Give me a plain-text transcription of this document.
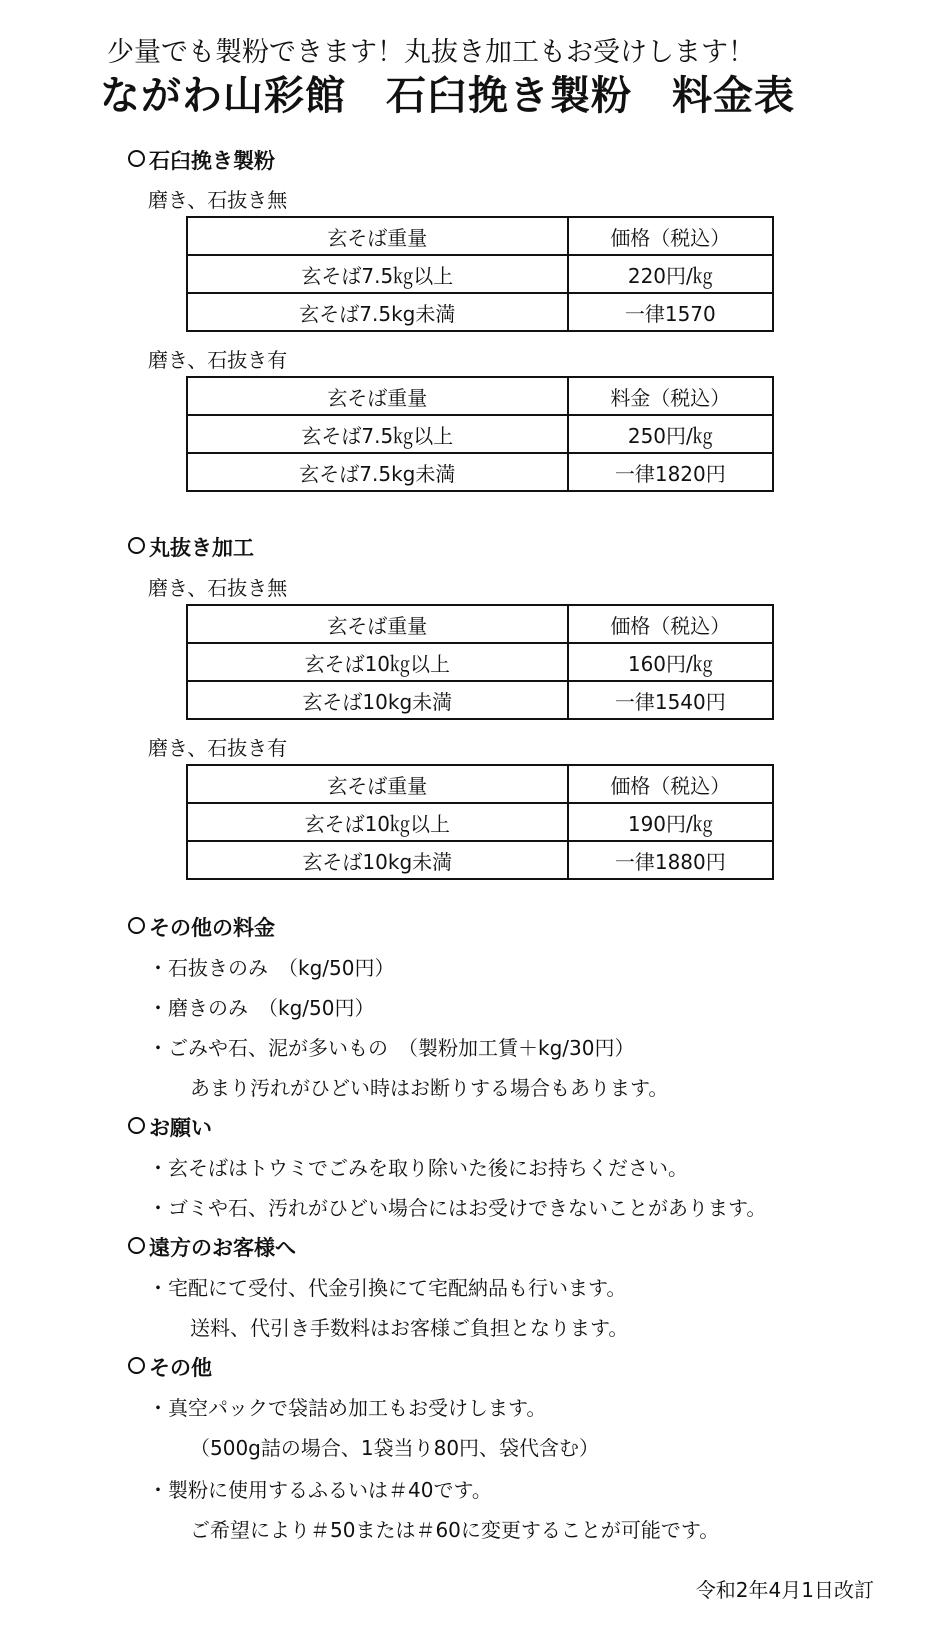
少量でも製粉できます！丸抜き加工もお受けします！
ながわ山彩館 石臼挽き製粉 料金表
石臼挽き製粉
磨き、石抜き無
玄そば重量	価格（税込）
玄そば7.5㎏以上	220円/㎏
玄そば7.5kg未満	一律1570
磨き、石抜き有
玄そば重量	料金（税込）
玄そば7.5㎏以上	250円/㎏
玄そば7.5kg未満	一律1820円
丸抜き加工
磨き、石抜き無
玄そば重量	価格（税込）
玄そば10㎏以上	160円/㎏
玄そば10kg未満	一律1540円
磨き、石抜き有
玄そば重量	価格（税込）
玄そば10㎏以上	190円/㎏
玄そば10kg未満	一律1880円
その他の料金
・石抜きのみ　（kg/50円）
・磨きのみ　（kg/50円）
・ごみや石、泥が多いもの　（製粉加工賃＋kg/30円）
あまり汚れがひどい時はお断りする場合もあります。
お願い
・玄そばはトウミでごみを取り除いた後にお持ちください。
・ゴミや石、汚れがひどい場合にはお受けできないことがあります。
遠方のお客様へ
・宅配にて受付、代金引換にて宅配納品も行います。
送料、代引き手数料はお客様ご負担となります。
その他
・真空パックで袋詰め加工もお受けします。
（500g詰の場合、1袋当り80円、袋代含む）
・製粉に使用するふるいは＃40です。
ご希望により＃50または＃60に変更することが可能です。
令和2年4月1日改訂
